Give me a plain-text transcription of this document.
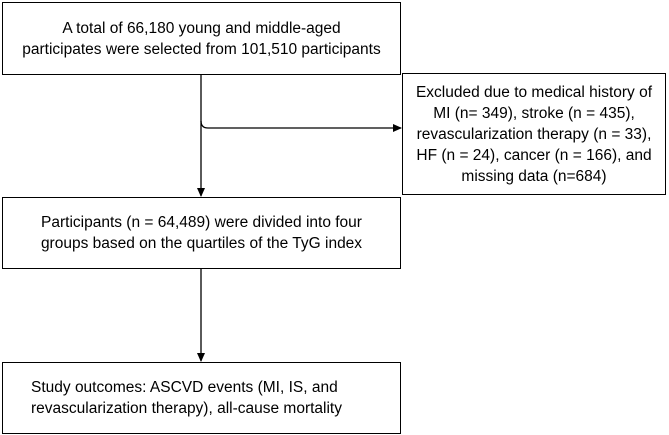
A total of 66,180 young and middle-aged
participates were selected from 101,510 participants
Excluded due to medical history of
MI (n= 349), stroke (n = 435),
revascularization therapy (n = 33),
HF (n = 24), cancer (n = 166), and
missing data (n=684)
Participants (n = 64,489) were divided into four
groups based on the quartiles of the TyG index
Study outcomes: ASCVD events (MI, IS, and
revascularization therapy), all-cause mortality
